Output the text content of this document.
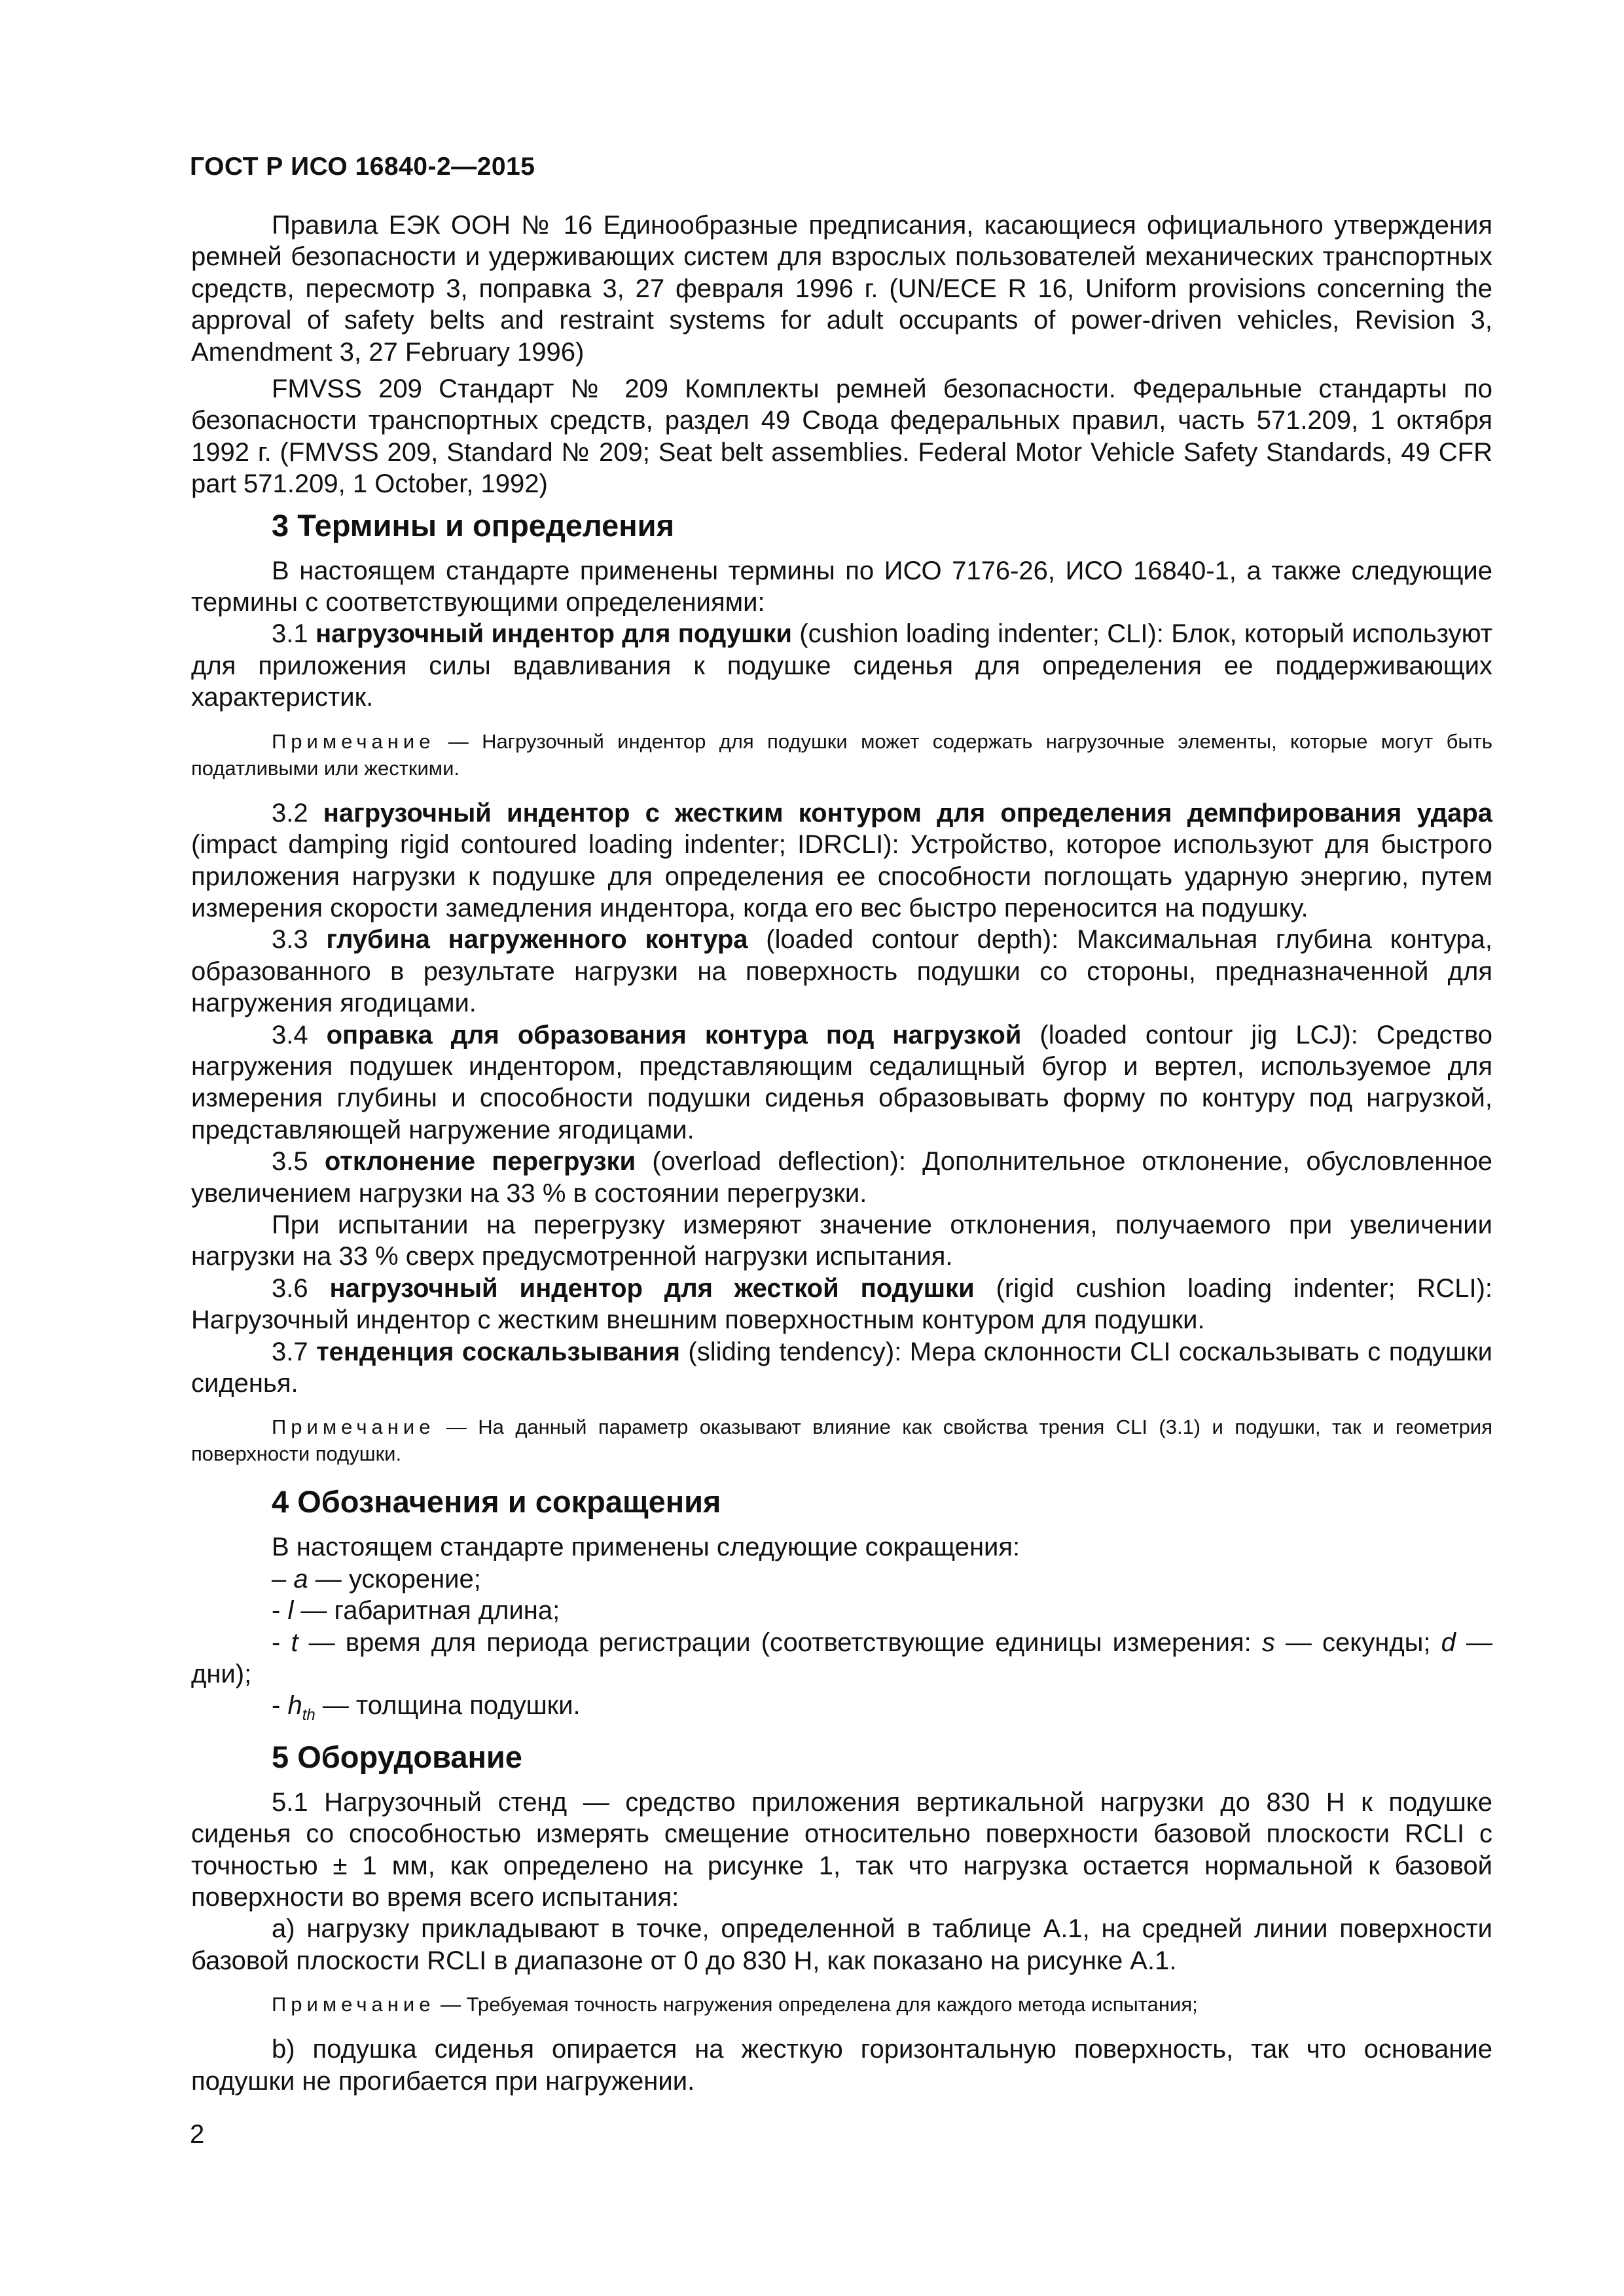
ГОСТ Р ИСО 16840-2—2015

Правила ЕЭК ООН № 16 Единообразные предписания, касающиеся официального утверждения ремней безопасности и удерживающих систем для взрослых пользователей механических транспортных средств, пересмотр 3, поправка 3, 27 февраля 1996 г. (UN/ECE R 16, Uniform provisions concerning the approval of safety belts and restraint systems for adult occupants of power-driven vehicles, Revision 3, Amendment 3, 27 February 1996)

FMVSS 209 Стандарт № 209 Комплекты ремней безопасности. Федеральные стандарты по безопасности транспортных средств, раздел 49 Свода федеральных правил, часть 571.209, 1 октября 1992 г. (FMVSS 209, Standard № 209; Seat belt assemblies. Federal Motor Vehicle Safety Standards, 49 CFR part 571.209, 1 October, 1992)

3 Термины и определения

В настоящем стандарте применены термины по ИСО 7176-26, ИСО 16840-1, а также следующие термины с соответствующими определениями:

3.1 нагрузочный индентор для подушки (cushion loading indenter; CLI): Блок, который используют для приложения силы вдавливания к подушке сиденья для определения ее поддерживающих характеристик.

Примечание — Нагрузочный индентор для подушки может содержать нагрузочные элементы, которые могут быть податливыми или жесткими.

3.2 нагрузочный индентор с жестким контуром для определения демпфирования удара (impact damping rigid contoured loading indenter; IDRCLI): Устройство, которое используют для быстрого приложения нагрузки к подушке для определения ее способности поглощать ударную энергию, путем измерения скорости замедления индентора, когда его вес быстро переносится на подушку.

3.3 глубина нагруженного контура (loaded contour depth): Максимальная глубина контура, образованного в результате нагрузки на поверхность подушки со стороны, предназначенной для нагружения ягодицами.

3.4 оправка для образования контура под нагрузкой (loaded contour jig LCJ): Средство нагружения подушек индентором, представляющим седалищный бугор и вертел, используемое для измерения глубины и способности подушки сиденья образовывать форму по контуру под нагрузкой, представляющей нагружение ягодицами.

3.5 отклонение перегрузки (overload deflection): Дополнительное отклонение, обусловленное увеличением нагрузки на 33 % в состоянии перегрузки.

При испытании на перегрузку измеряют значение отклонения, получаемого при увеличении нагрузки на 33 % сверх предусмотренной нагрузки испытания.

3.6 нагрузочный индентор для жесткой подушки (rigid cushion loading indenter; RCLI): Нагрузочный индентор с жестким внешним поверхностным контуром для подушки.

3.7 тенденция соскальзывания (sliding tendency): Мера склонности CLI соскальзывать с подушки сиденья.

Примечание — На данный параметр оказывают влияние как свойства трения CLI (3.1) и подушки, так и геометрия поверхности подушки.

4 Обозначения и сокращения

В настоящем стандарте применены следующие сокращения:

– a — ускорение;

- l — габаритная длина;

- t — время для периода регистрации (соответствующие единицы измерения: s — секунды; d — дни);

- $h_{th}$ — толщина подушки.

5 Оборудование

5.1 Нагрузочный стенд — средство приложения вертикальной нагрузки до 830 Н к подушке сиденья со способностью измерять смещение относительно поверхности базовой плоскости RCLI с точностью ± 1 мм, как определено на рисунке 1, так что нагрузка остается нормальной к базовой поверхности во время всего испытания:

а) нагрузку прикладывают в точке, определенной в таблице А.1, на средней линии поверхности базовой плоскости RCLI в диапазоне от 0 до 830 Н, как показано на рисунке А.1.

Примечание — Требуемая точность нагружения определена для каждого метода испытания;

b) подушка сиденья опирается на жесткую горизонтальную поверхность, так что основание подушки не прогибается при нагружении.

2
